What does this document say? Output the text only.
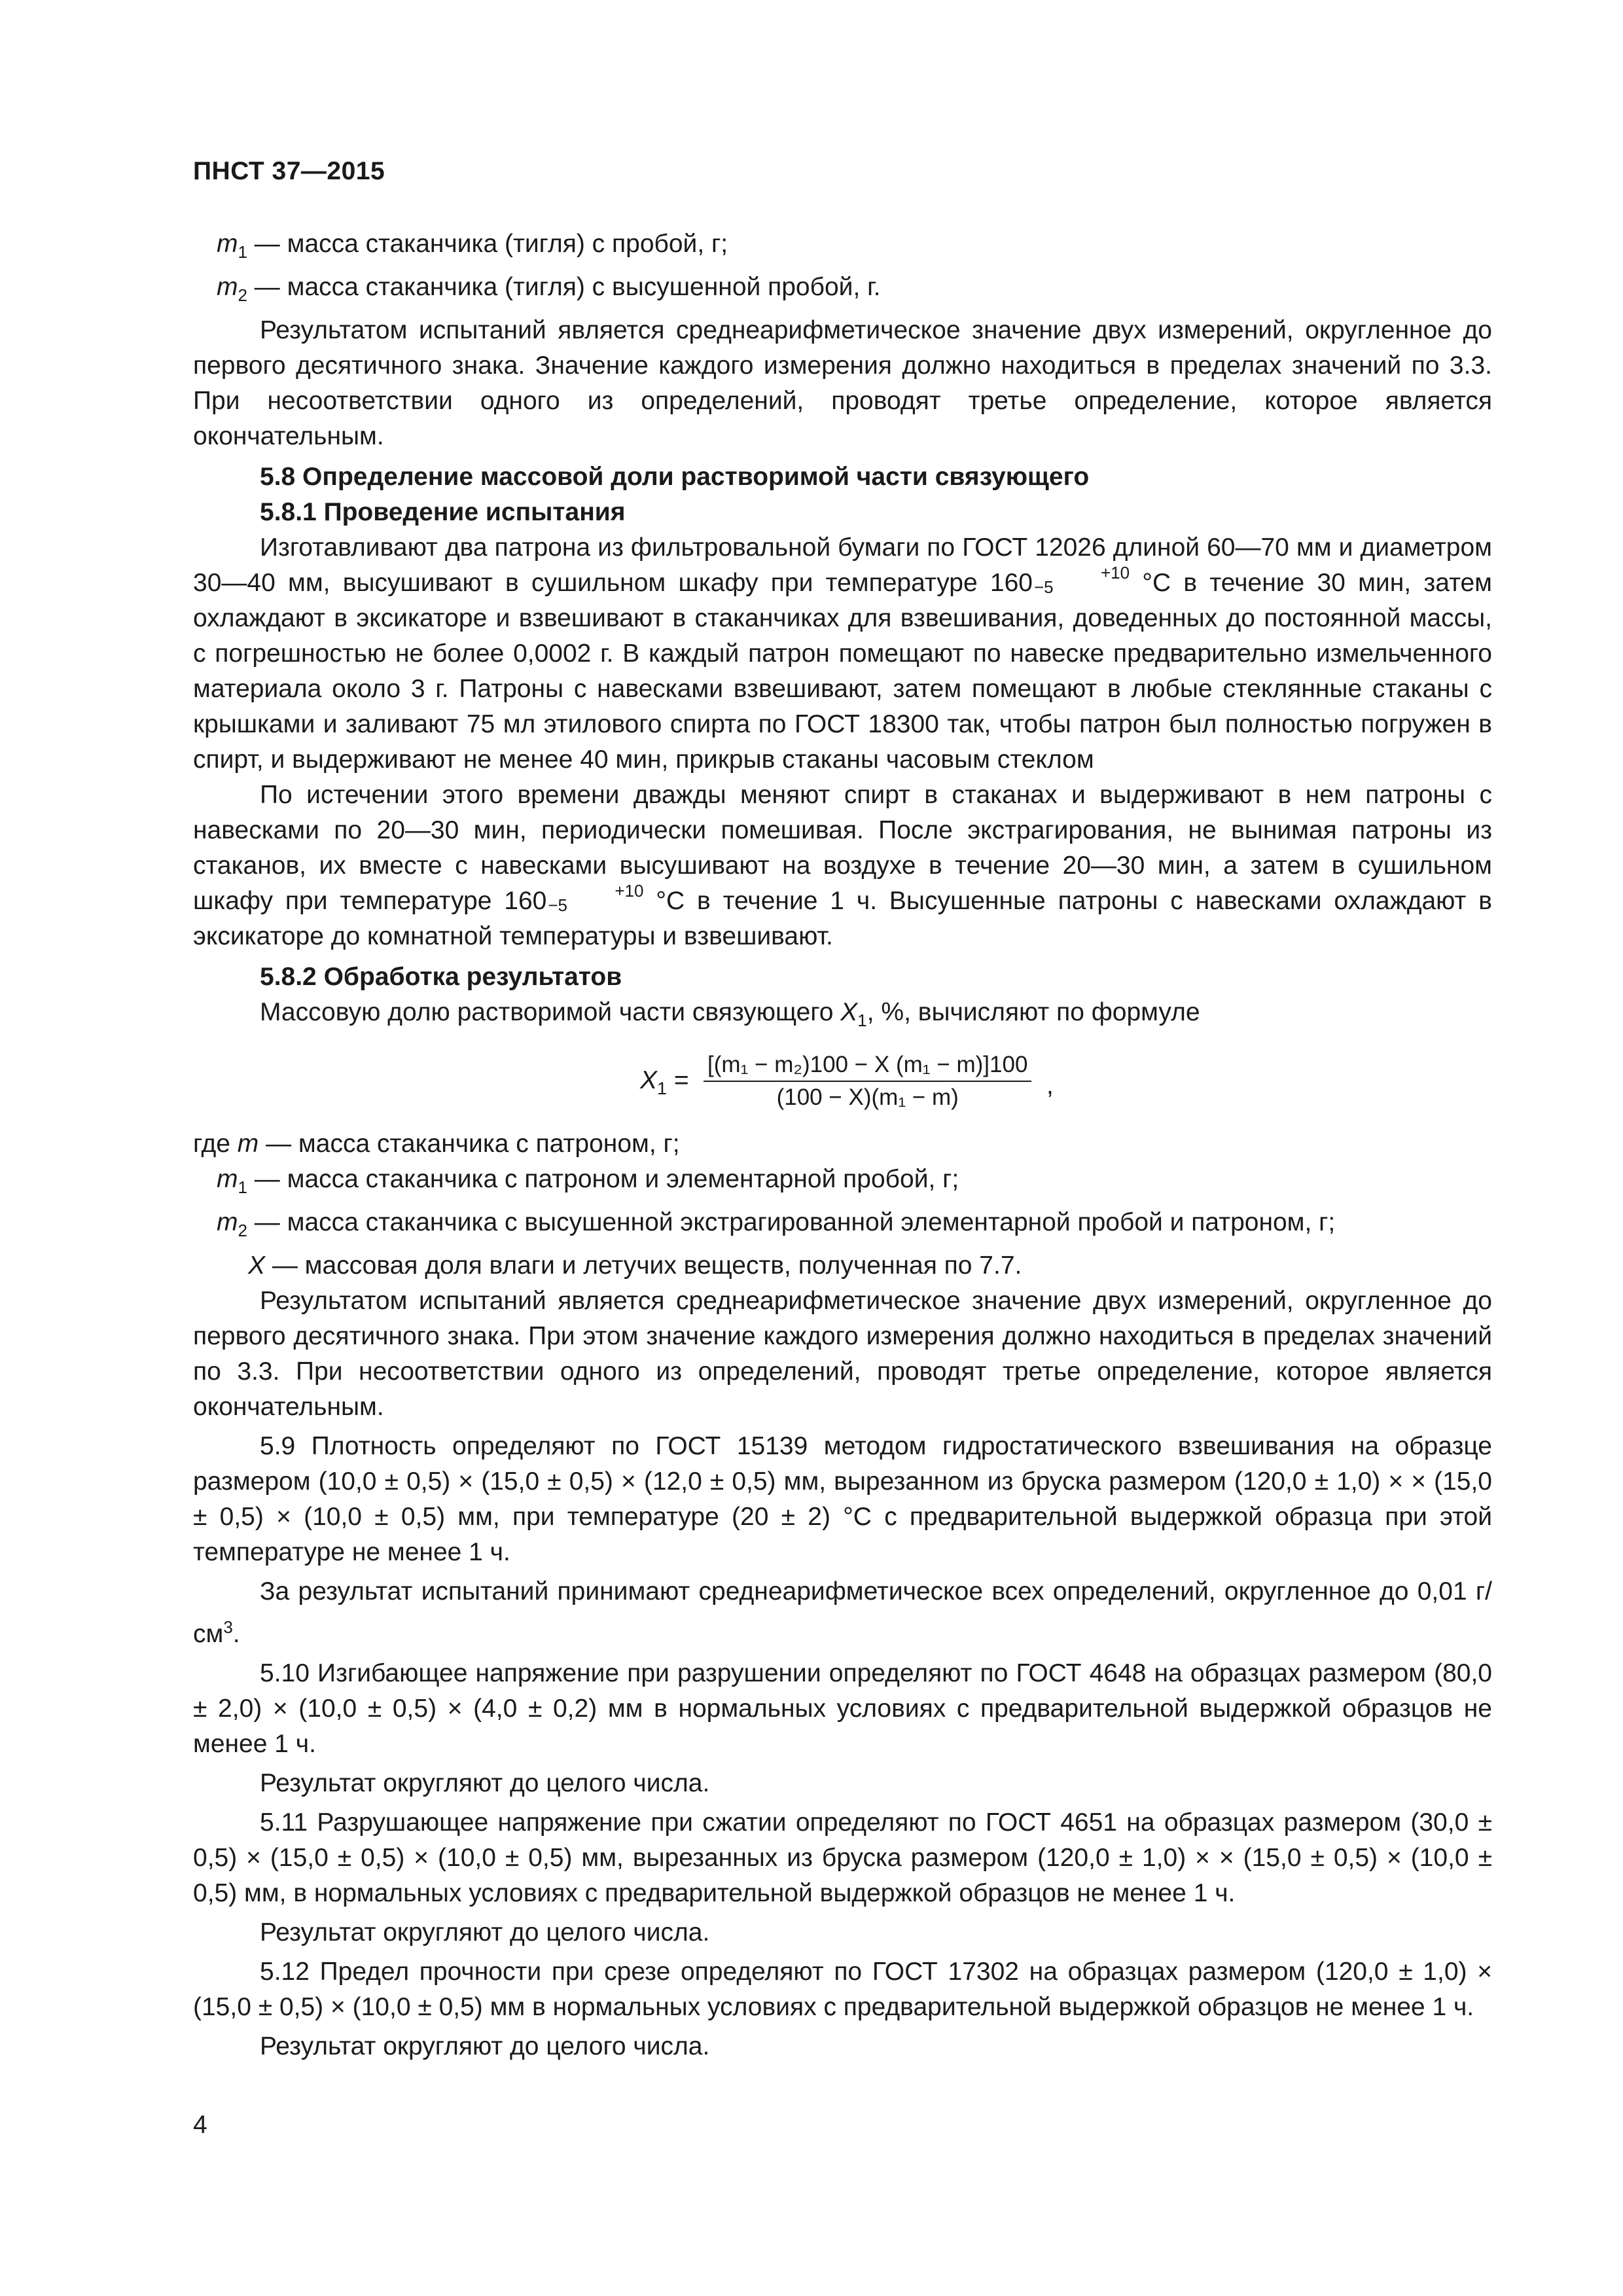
ПНСТ 37—2015

$m_1$ — масса стаканчика (тигля) с пробой, г;

$m_2$ — масса стаканчика (тигля) с высушенной пробой, г.

Результатом испытаний является среднеарифметическое значение двух измерений, округленное до первого десятичного знака. Значение каждого измерения должно находиться в пределах значений по 3.3. При несоответствии одного из определений, проводят третье определение, которое является окончательным.

5.8 Определение массовой доли растворимой части связующего

5.8.1 Проведение испытания

Изготавливают два патрона из фильтровальной бумаги по ГОСТ 12026 длиной 60—70 мм и диаметром 30—40 мм, высушивают в сушильном шкафу при температуре 160	+10
−5	°С в течение 30 мин, затем охлаждают в эксикаторе и взвешивают в стаканчиках для взвешивания, доведенных до постоянной массы, с погрешностью не более 0,0002 г. В каждый патрон помещают по навеске предварительно измельченного материала около 3 г. Патроны с навесками взвешивают, затем помещают в любые стеклянные стаканы с крышками и заливают 75 мл этилового спирта по ГОСТ 18300 так, чтобы патрон был полностью погружен в спирт, и выдерживают не менее 40 мин, прикрыв стаканы часовым стеклом

По истечении этого времени дважды меняют спирт в стаканах и выдерживают в нем патроны с навесками по 20—30 мин, периодически помешивая. После экстрагирования, не вынимая патроны из стаканов, их вместе с навесками высушивают на воздухе в течение 20—30 мин, а затем в сушильном шкафу при температуре 160	+10
−5	°С в течение 1 ч. Высушенные патроны с навесками охлаждают в эксикаторе до комнатной температуры и взвешивают.

5.8.2 Обработка результатов

Массовую долю растворимой части связующего $X_1$, %, вычисляют по формуле

$X_1 = \frac{\text{[(m₁ − m₂)100 − X (m₁ − m)]100}}{\text{(100 − X)(m₁ − m)}}$ ,

где m — масса стаканчика с патроном, г;

$m_1$ — масса стаканчика с патроном и элементарной пробой, г;

$m_2$ — масса стаканчика с высушенной экстрагированной элементарной пробой и патроном, г;

X — массовая доля влаги и летучих веществ, полученная по 7.7.

Результатом испытаний является среднеарифметическое значение двух измерений, округленное до первого десятичного знака. При этом значение каждого измерения должно находиться в пределах значений по 3.3. При несоответствии одного из определений, проводят третье определение, которое является окончательным.

5.9 Плотность определяют по ГОСТ 15139 методом гидростатического взвешивания на образце размером (10,0 ± 0,5) × (15,0 ± 0,5) × (12,0 ± 0,5) мм, вырезанном из бруска размером (120,0 ± 1,0) × × (15,0 ± 0,5) × (10,0 ± 0,5) мм, при температуре (20 ± 2) °С с предварительной выдержкой образца при этой температуре не менее 1 ч.

За результат испытаний принимают среднеарифметическое всех определений, округленное до 0,01 $г/см^3$.

5.10 Изгибающее напряжение при разрушении определяют по ГОСТ 4648 на образцах размером (80,0 ± 2,0) × (10,0 ± 0,5) × (4,0 ± 0,2) мм в нормальных условиях с предварительной выдержкой образцов не менее 1 ч.

Результат округляют до целого числа.

5.11 Разрушающее напряжение при сжатии определяют по ГОСТ 4651 на образцах размером (30,0 ± 0,5) × (15,0 ± 0,5) × (10,0 ± 0,5) мм, вырезанных из бруска размером (120,0 ± 1,0) × × (15,0 ± 0,5) × (10,0 ± 0,5) мм, в нормальных условиях с предварительной выдержкой образцов не менее 1 ч.

Результат округляют до целого числа.

5.12 Предел прочности при срезе определяют по ГОСТ 17302 на образцах размером (120,0 ± 1,0) × (15,0 ± 0,5) × (10,0 ± 0,5) мм в нормальных условиях с предварительной выдержкой образцов не менее 1 ч.

Результат округляют до целого числа.

4
